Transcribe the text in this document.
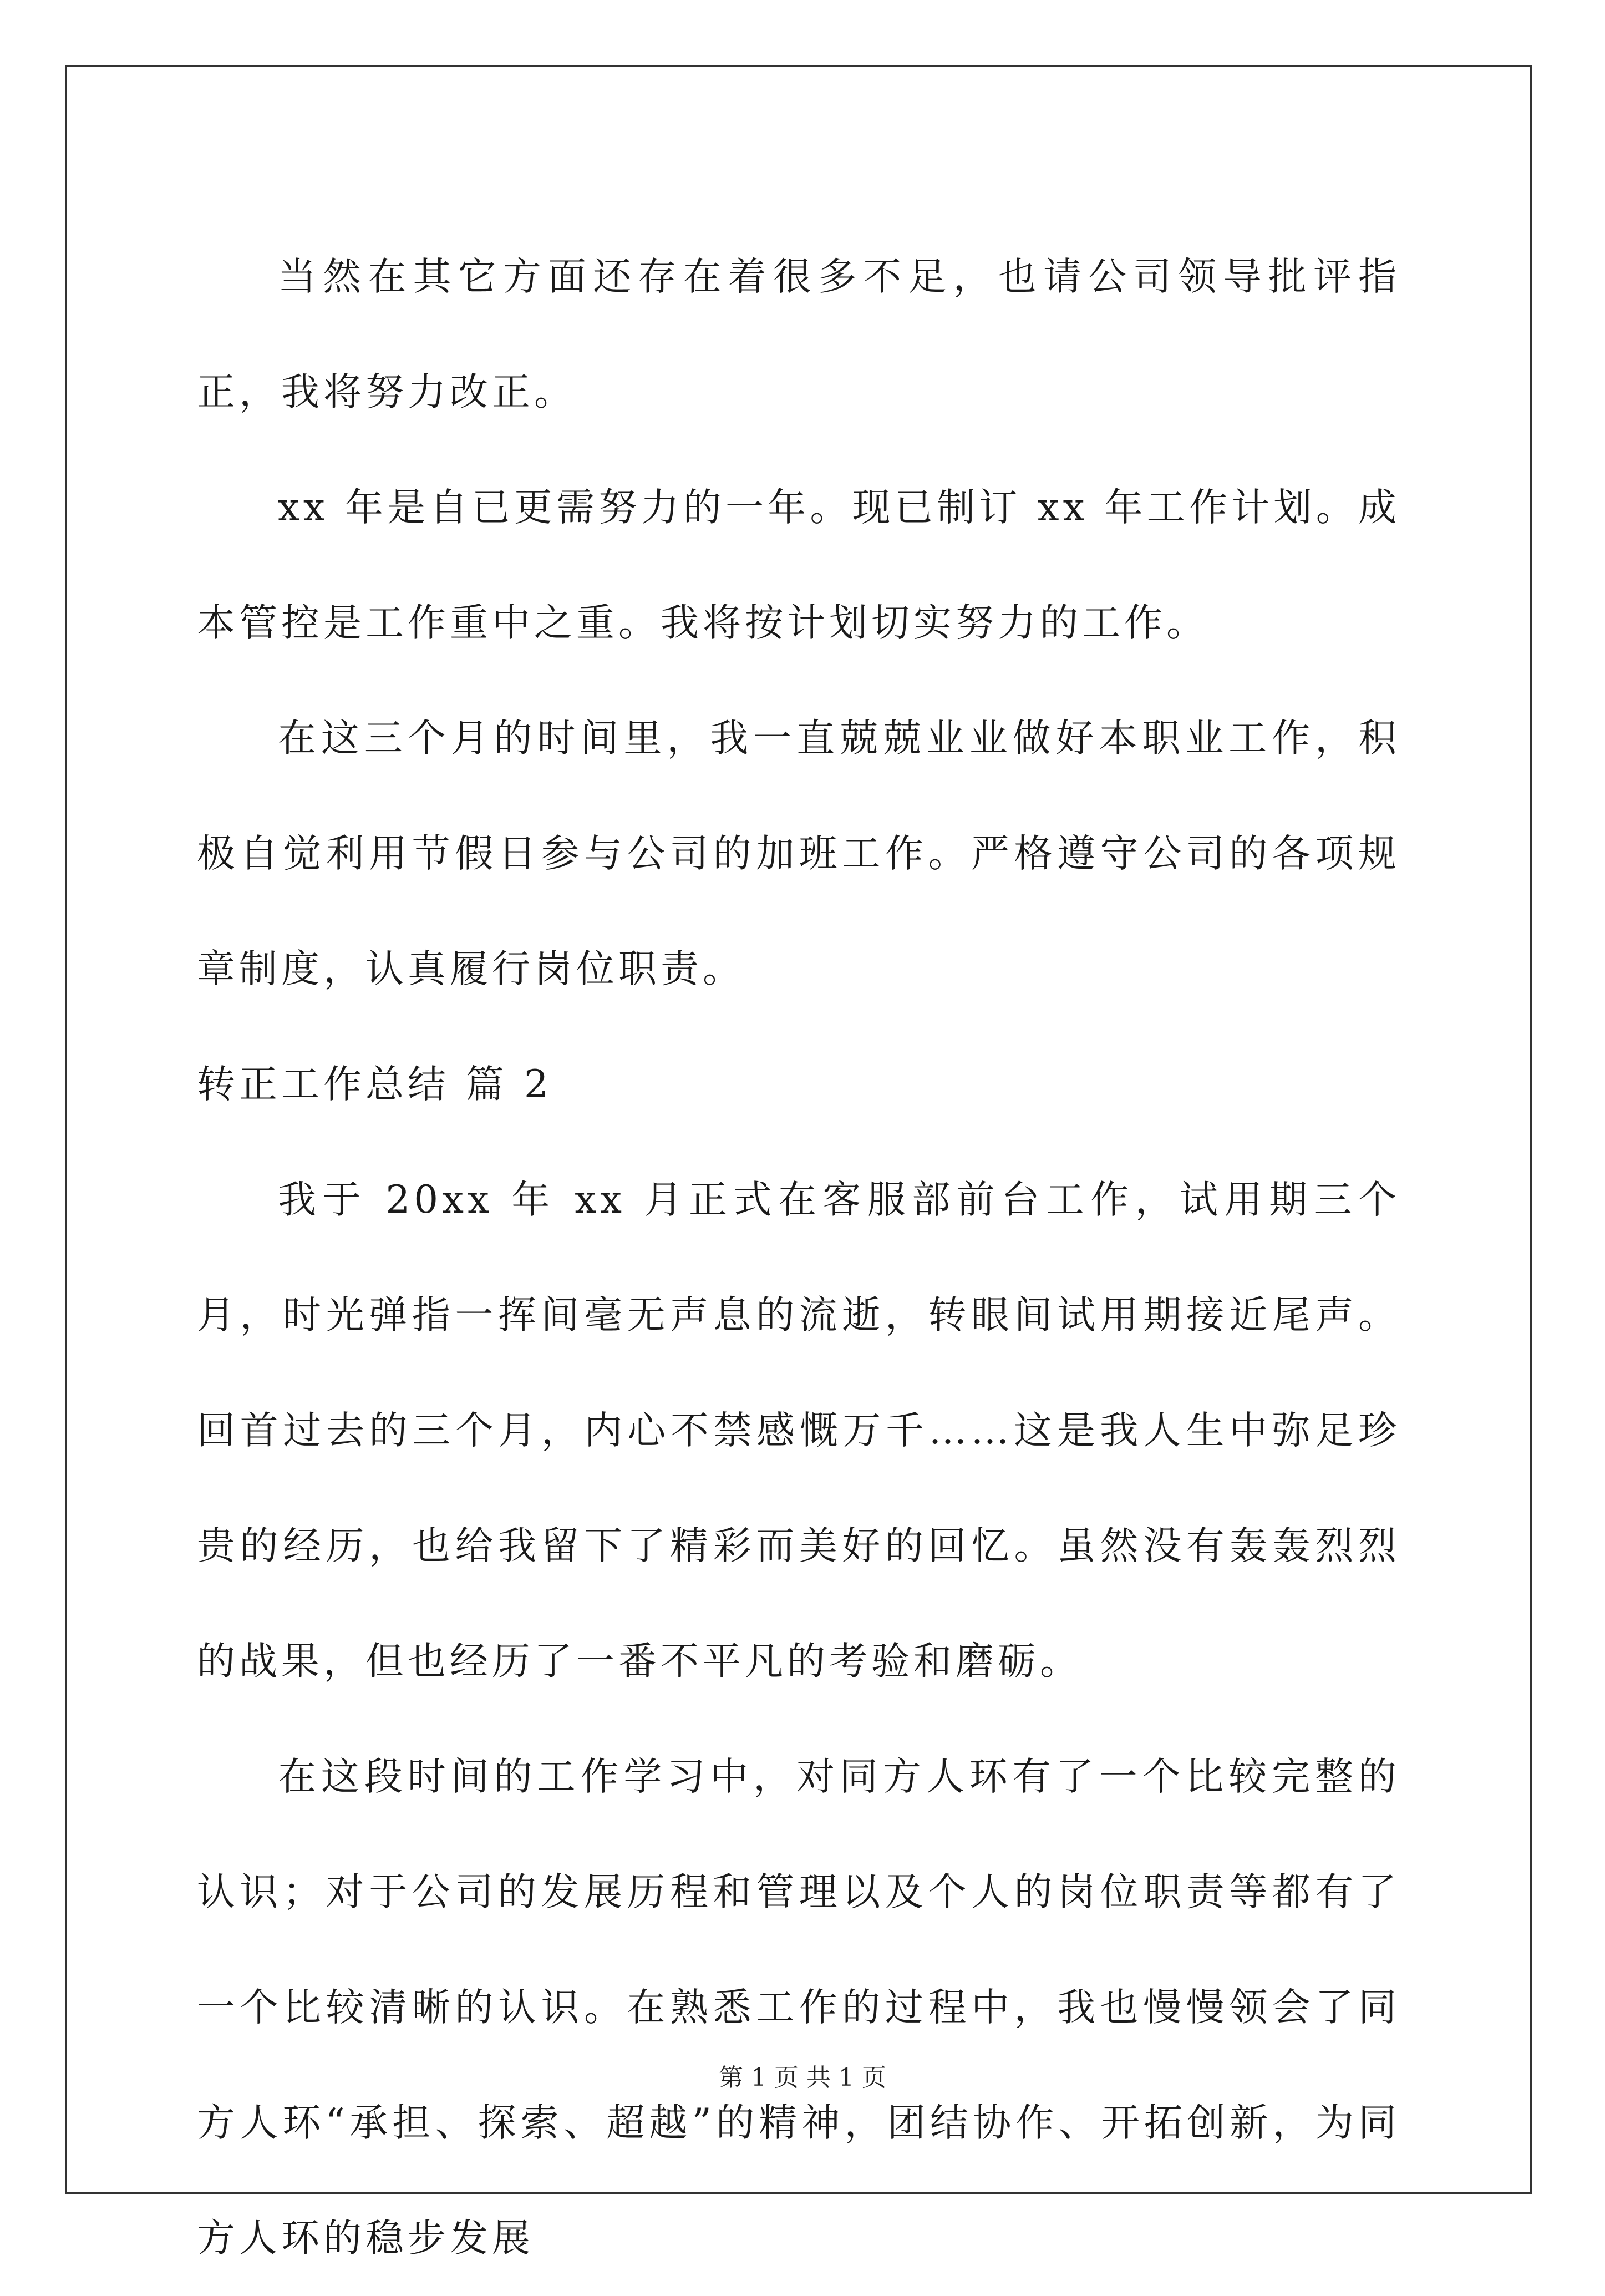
当然在其它方面还存在着很多不足，也请公司领导批评指正，我将努力改正。

xx 年是自已更需努力的一年。现已制订 xx 年工作计划。成本管控是工作重中之重。我将按计划切实努力的工作。

在这三个月的时间里，我一直兢兢业业做好本职业工作，积极自觉利用节假日参与公司的加班工作。严格遵守公司的各项规章制度，认真履行岗位职责。

转正工作总结 篇 2

我于 20xx 年 xx 月正式在客服部前台工作，试用期三个月，时光弹指一挥间毫无声息的流逝，转眼间试用期接近尾声。回首过去的三个月，内心不禁感慨万千……这是我人生中弥足珍贵的经历，也给我留下了精彩而美好的回忆。虽然没有轰轰烈烈的战果，但也经历了一番不平凡的考验和磨砺。

在这段时间的工作学习中，对同方人环有了一个比较完整的认识；对于公司的发展历程和管理以及个人的岗位职责等都有了一个比较清晰的认识。在熟悉工作的过程中，我也慢慢领会了同方人环“承担、探索、超越”的精神，团结协作、开拓创新，为同方人环的稳步发展

第 1 页 共 1 页
